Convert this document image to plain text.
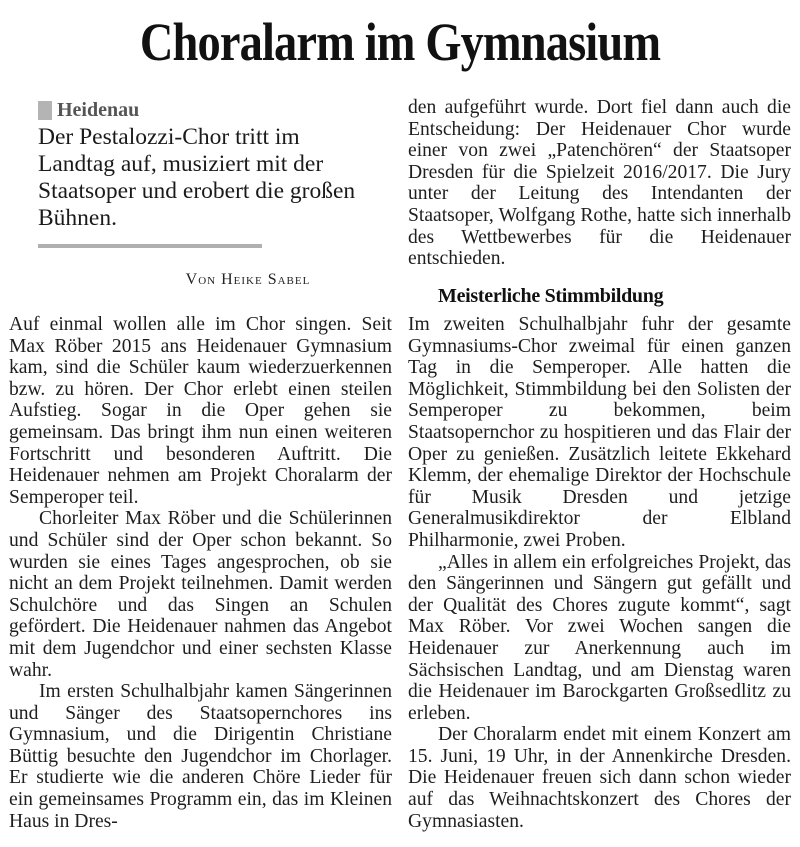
Choralarm im Gymnasium
Heidenau

Der Pestalozzi-Chor tritt im Landtag auf, musiziert mit der Staatsoper und erobert die großen Bühnen.

Von Heike Sabel

Auf einmal wollen alle im Chor singen. Seit Max Röber 2015 ans Heidenauer Gymnasium kam, sind die Schüler kaum wiederzuerkennen bzw. zu hören. Der Chor erlebt einen steilen Aufstieg. Sogar in die Oper gehen sie gemeinsam. Das bringt ihm nun einen weiteren Fortschritt und besonderen Auftritt. Die Heidenauer nehmen am Projekt Choralarm der Semperoper teil.

Chorleiter Max Röber und die Schülerinnen und Schüler sind der Oper schon bekannt. So wurden sie eines Tages angesprochen, ob sie nicht an dem Projekt teilnehmen. Damit werden Schulchöre und das Singen an Schulen gefördert. Die Heidenauer nahmen das Angebot mit dem Jugendchor und einer sechsten Klasse wahr.

Im ersten Schulhalbjahr kamen Sängerinnen und Sänger des Staatsopernchores ins Gymnasium, und die Dirigentin Christiane Büttig besuchte den Jugendchor im Chorlager. Er studierte wie die anderen Chöre Lieder für ein gemeinsames Programm ein, das im Kleinen Haus in Dres-

den aufgeführt wurde. Dort fiel dann auch die Entscheidung: Der Heidenauer Chor wurde einer von zwei „Patenchören“ der Staatsoper Dresden für die Spielzeit 2016/2017. Die Jury unter der Leitung des Intendanten der Staatsoper, Wolfgang Rothe, hatte sich innerhalb des Wettbewerbes für die Heidenauer entschieden.

Meisterliche Stimmbildung

Im zweiten Schulhalbjahr fuhr der gesamte Gymnasiums-Chor zweimal für einen ganzen Tag in die Semperoper. Alle hatten die Möglichkeit, Stimmbildung bei den Solisten der Semperoper zu bekommen, beim Staatsopernchor zu hospitieren und das Flair der Oper zu genießen. Zusätzlich leitete Ekkehard Klemm, der ehemalige Direktor der Hochschule für Musik Dresden und jetzige Generalmusikdirektor der Elbland Philharmonie, zwei Proben.

„Alles in allem ein erfolgreiches Projekt, das den Sängerinnen und Sängern gut gefällt und der Qualität des Chores zugute kommt“, sagt Max Röber. Vor zwei Wochen sangen die Heidenauer zur Anerkennung auch im Sächsischen Landtag, und am Dienstag waren die Heidenauer im Barockgarten Großsedlitz zu erleben.

Der Choralarm endet mit einem Konzert am 15. Juni, 19 Uhr, in der Annenkirche Dresden. Die Heidenauer freuen sich dann schon wieder auf das Weihnachtskonzert des Chores der Gymnasiasten.
